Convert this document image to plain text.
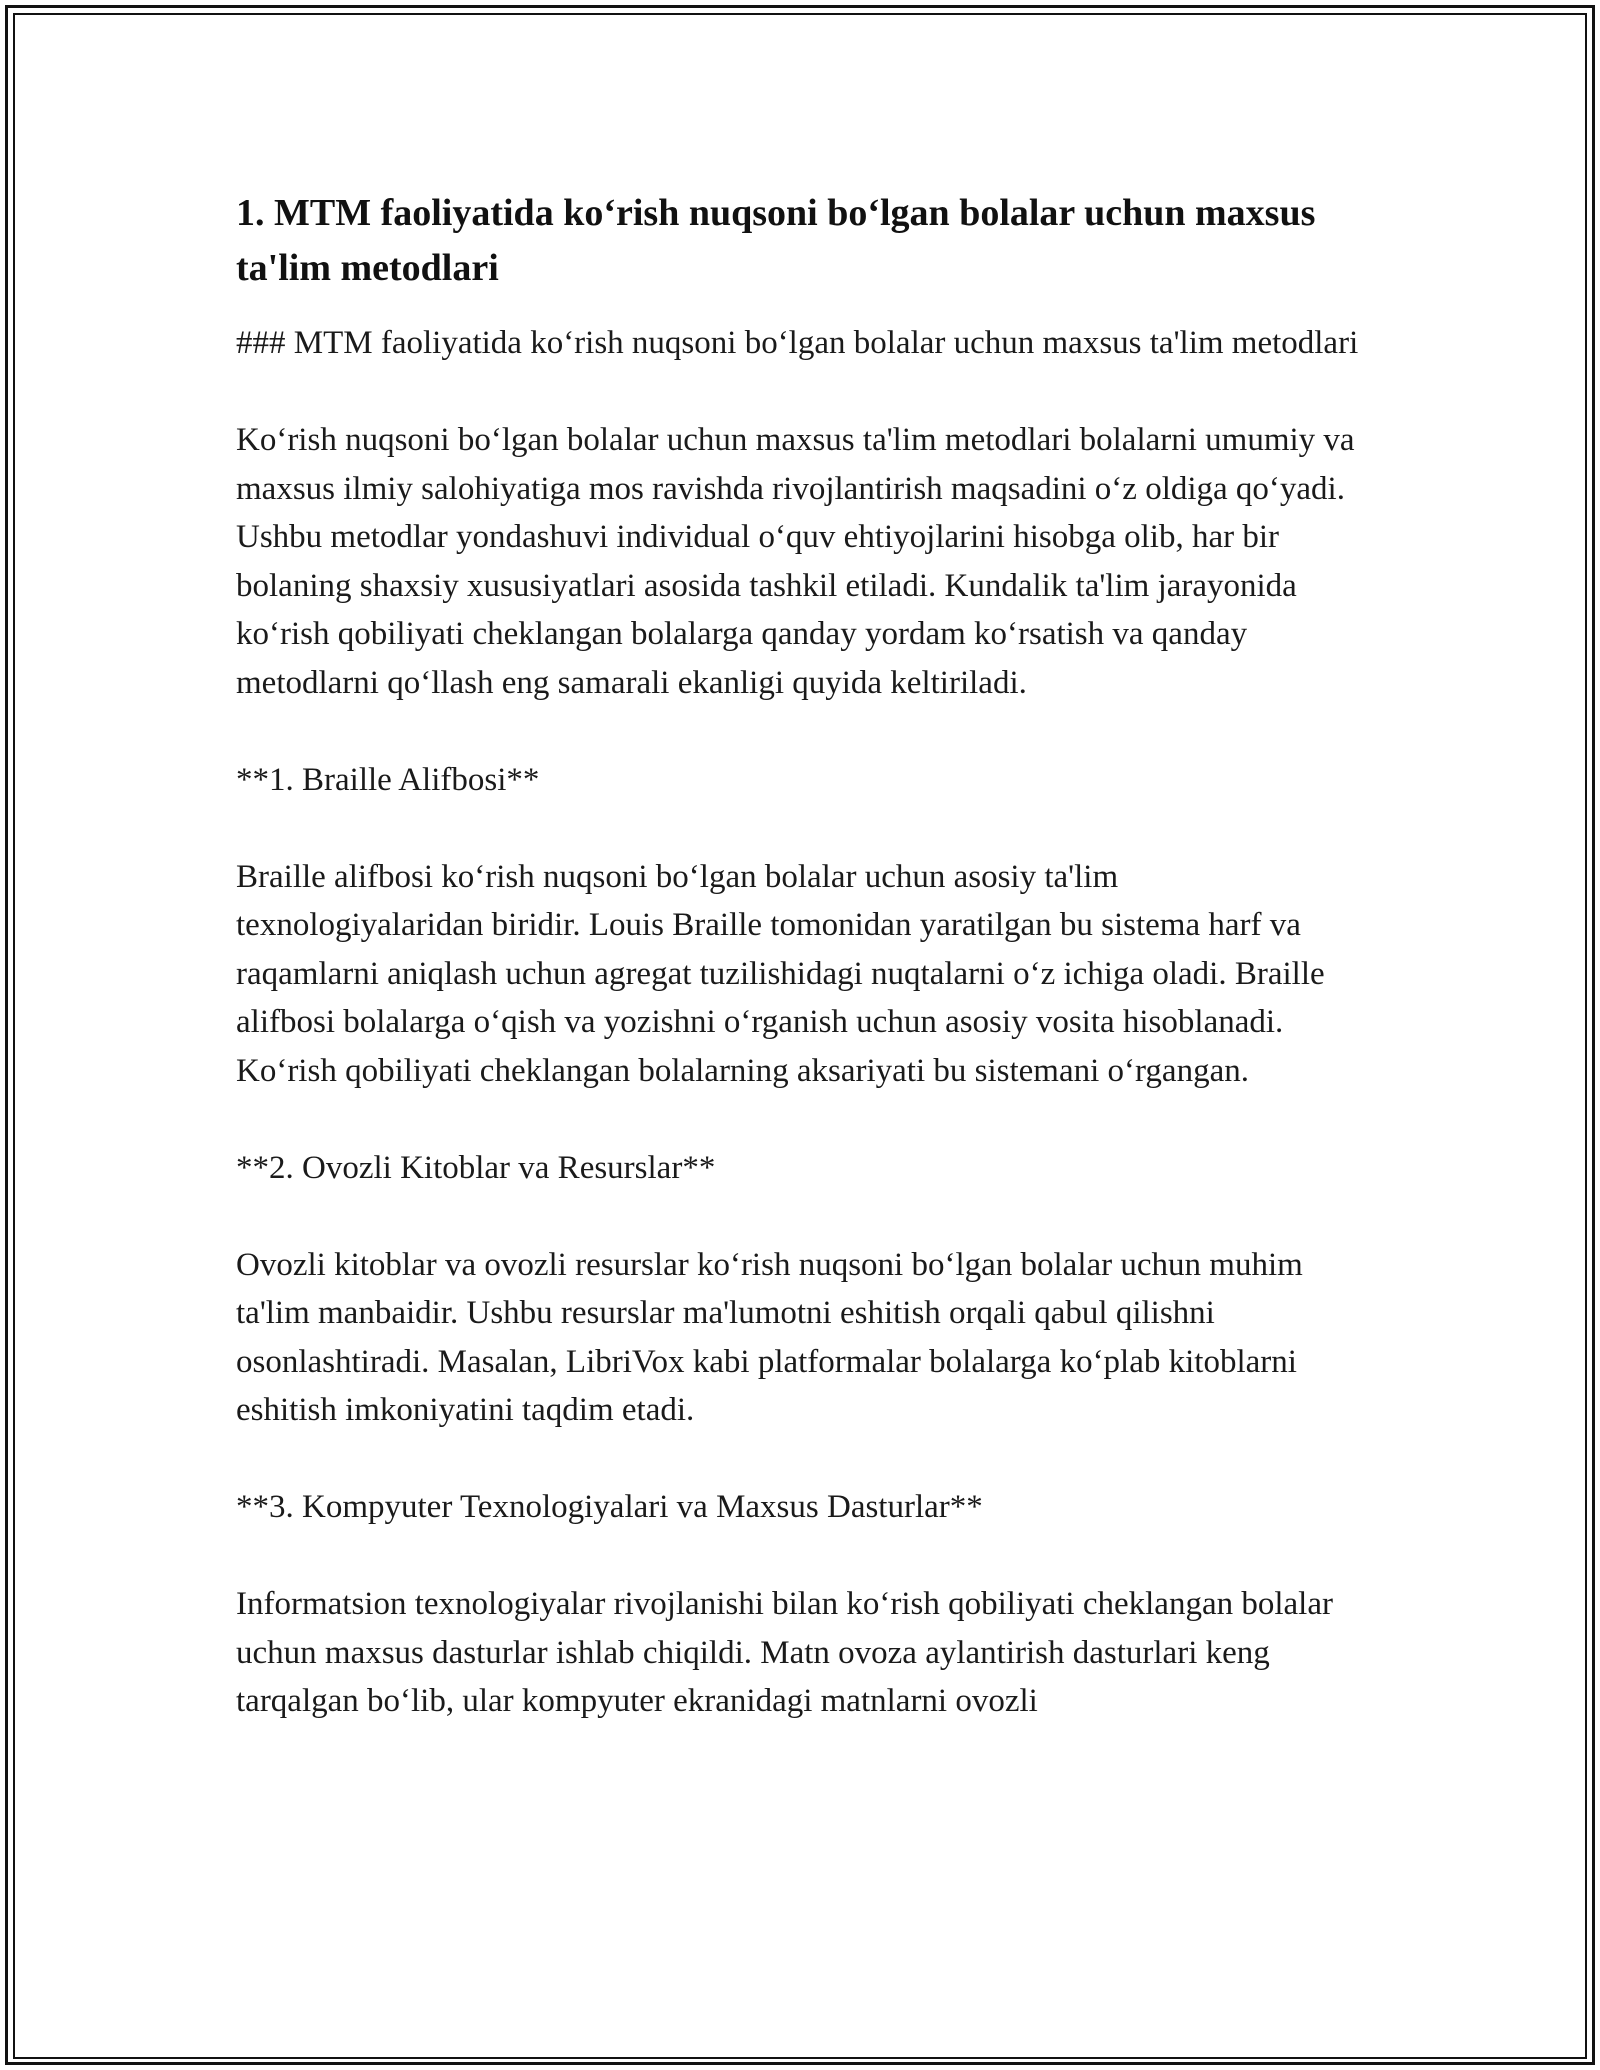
1. MTM faoliyatida ko‘rish nuqsoni bo‘lgan bolalar uchun maxsus ta'lim metodlari

### MTM faoliyatida ko‘rish nuqsoni bo‘lgan bolalar uchun maxsus ta'lim metodlari

Ko‘rish nuqsoni bo‘lgan bolalar uchun maxsus ta'lim metodlari bolalarni umumiy va maxsus ilmiy salohiyatiga mos ravishda rivojlantirish maqsadini o‘z oldiga qo‘yadi. Ushbu metodlar yondashuvi individual o‘quv ehtiyojlarini hisobga olib, har bir bolaning shaxsiy xususiyatlari asosida tashkil etiladi. Kundalik ta'lim jarayonida ko‘rish qobiliyati cheklangan bolalarga qanday yordam ko‘rsatish va qanday metodlarni qo‘llash eng samarali ekanligi quyida keltiriladi.

**1. Braille Alifbosi**

Braille alifbosi ko‘rish nuqsoni bo‘lgan bolalar uchun asosiy ta'lim texnologiyalaridan biridir. Louis Braille tomonidan yaratilgan bu sistema harf va raqamlarni aniqlash uchun agregat tuzilishidagi nuqtalarni o‘z ichiga oladi. Braille alifbosi bolalarga o‘qish va yozishni o‘rganish uchun asosiy vosita hisoblanadi. Ko‘rish qobiliyati cheklangan bolalarning aksariyati bu sistemani o‘rgangan.

**2. Ovozli Kitoblar va Resurslar**

Ovozli kitoblar va ovozli resurslar ko‘rish nuqsoni bo‘lgan bolalar uchun muhim ta'lim manbaidir. Ushbu resurslar ma'lumotni eshitish orqali qabul qilishni osonlashtiradi. Masalan, LibriVox kabi platformalar bolalarga ko‘plab kitoblarni eshitish imkoniyatini taqdim etadi.

**3. Kompyuter Texnologiyalari va Maxsus Dasturlar**

Informatsion texnologiyalar rivojlanishi bilan ko‘rish qobiliyati cheklangan bolalar uchun maxsus dasturlar ishlab chiqildi. Matn ovoza aylantirish dasturlari keng tarqalgan bo‘lib, ular kompyuter ekranidagi matnlarni ovozli
